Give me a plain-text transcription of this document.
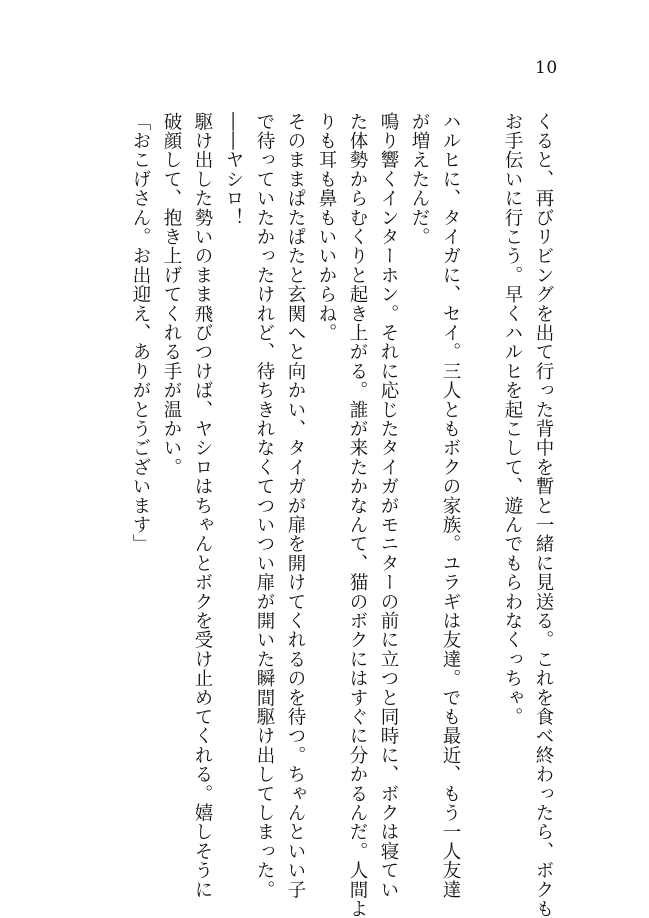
10
くると、再びリビングを出て行った背中を暫と一緒に見送る。これを食べ終わったら、ボクも
お手伝いに行こう。早くハルヒを起こして、遊んでもらわなくっちゃ。
ハルヒに、タイガに、セイ。三人ともボクの家族。ユラギは友達。でも最近、もう一人友達
が増えたんだ。
鳴り響くインターホン。それに応じたタイガがモニターの前に立つと同時に、ボクは寝てい
た体勢からむくりと起き上がる。誰が来たかなんて、猫のボクにはすぐに分かるんだ。人間よ
りも耳も鼻もいいからね。
そのままぱたぱたと玄関へと向かい、タイガが扉を開けてくれるのを待つ。ちゃんといい子
で待っていたかったけれど、待ちきれなくてついつい扉が開いた瞬間駆け出してしまった。
――ヤシロ！
駆け出した勢いのまま飛びつけば、ヤシロはちゃんとボクを受け止めてくれる。嬉しそうに
破顔して、抱き上げてくれる手が温かい。
「おこげさん。お出迎え、ありがとうございます」
